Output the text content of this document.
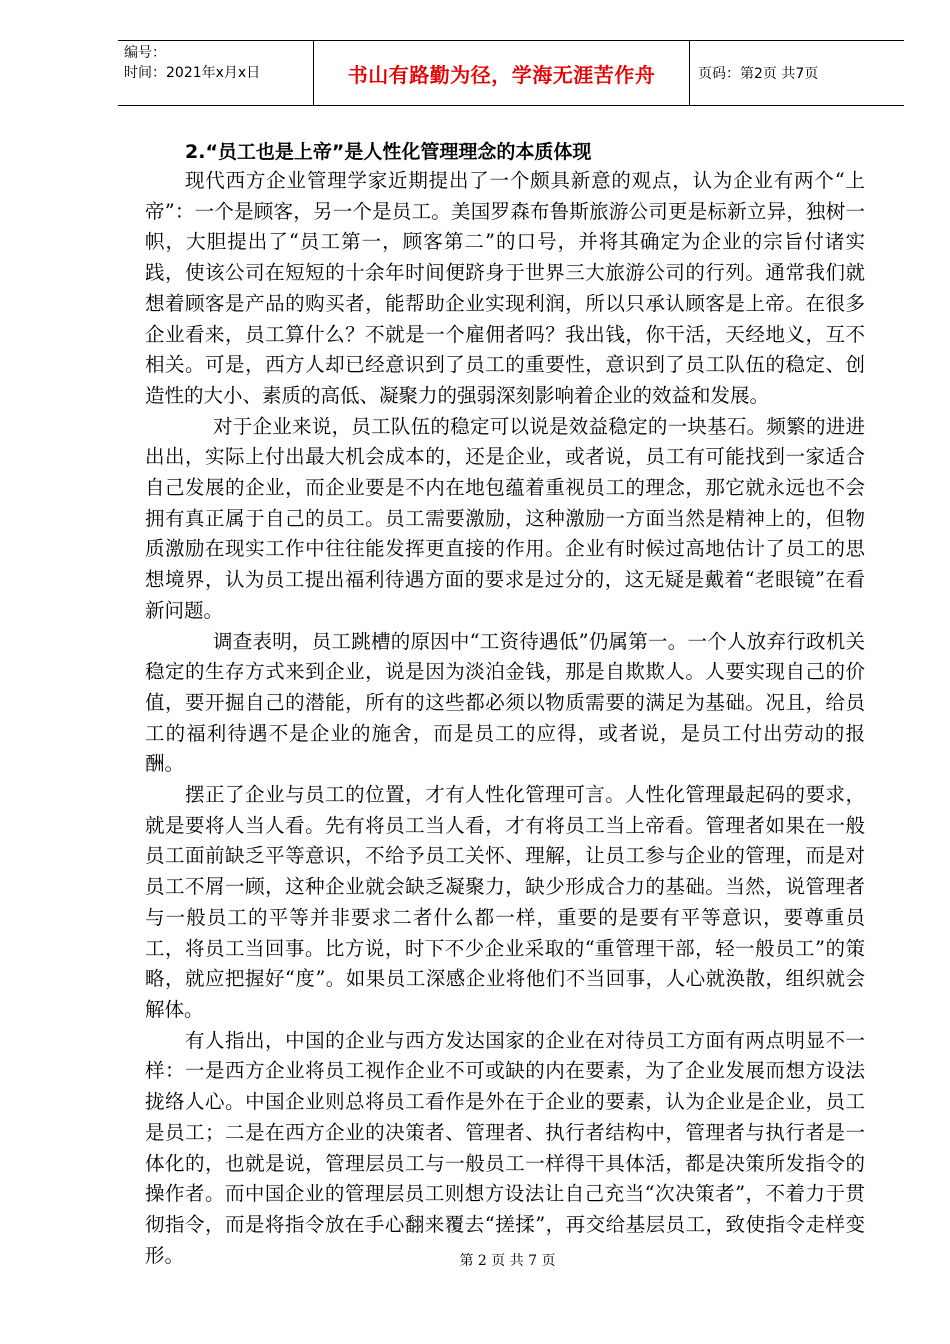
编号：
时间：2021年x月x日	书山有路勤为径，学海无涯苦作舟	页码：第2页 共7页
2.“员工也是上帝”是人性化管理理念的本质体现

现代西方企业管理学家近期提出了一个颇具新意的观点，认为企业有两个“上帝”：一个是顾客，另一个是员工。美国罗森布鲁斯旅游公司更是标新立异，独树一帜，大胆提出了“员工第一，顾客第二”的口号，并将其确定为企业的宗旨付诸实践，使该公司在短短的十余年时间便跻身于世界三大旅游公司的行列。通常我们就想着顾客是产品的购买者，能帮助企业实现利润，所以只承认顾客是上帝。在很多企业看来，员工算什么？不就是一个雇佣者吗？我出钱，你干活，天经地义，互不相关。可是，西方人却已经意识到了员工的重要性，意识到了员工队伍的稳定、创造性的大小、素质的高低、凝聚力的强弱深刻影响着企业的效益和发展。

对于企业来说，员工队伍的稳定可以说是效益稳定的一块基石。频繁的进进出出，实际上付出最大机会成本的，还是企业，或者说，员工有可能找到一家适合自己发展的企业，而企业要是不内在地包蕴着重视员工的理念，那它就永远也不会拥有真正属于自己的员工。员工需要激励，这种激励一方面当然是精神上的，但物质激励在现实工作中往往能发挥更直接的作用。企业有时候过高地估计了员工的思想境界，认为员工提出福利待遇方面的要求是过分的，这无疑是戴着“老眼镜”在看新问题。

调查表明，员工跳槽的原因中“工资待遇低”仍属第一。一个人放弃行政机关稳定的生存方式来到企业，说是因为淡泊金钱，那是自欺欺人。人要实现自己的价值，要开掘自己的潜能，所有的这些都必须以物质需要的满足为基础。况且，给员工的福利待遇不是企业的施舍，而是员工的应得，或者说，是员工付出劳动的报酬。

摆正了企业与员工的位置，才有人性化管理可言。人性化管理最起码的要求，就是要将人当人看。先有将员工当人看，才有将员工当上帝看。管理者如果在一般员工面前缺乏平等意识，不给予员工关怀、理解，让员工参与企业的管理，而是对员工不屑一顾，这种企业就会缺乏凝聚力，缺少形成合力的基础。当然，说管理者与一般员工的平等并非要求二者什么都一样，重要的是要有平等意识，要尊重员工，将员工当回事。比方说，时下不少企业采取的“重管理干部，轻一般员工”的策略，就应把握好“度”。如果员工深感企业将他们不当回事，人心就涣散，组织就会解体。

有人指出，中国的企业与西方发达国家的企业在对待员工方面有两点明显不一样：一是西方企业将员工视作企业不可或缺的内在要素，为了企业发展而想方设法拢络人心。中国企业则总将员工看作是外在于企业的要素，认为企业是企业，员工是员工；二是在西方企业的决策者、管理者、执行者结构中，管理者与执行者是一体化的，也就是说，管理层员工与一般员工一样得干具体活，都是决策所发指令的操作者。而中国企业的管理层员工则想方设法让自己充当“次决策者”，不着力于贯彻指令，而是将指令放在手心翻来覆去“搓揉”，再交给基层员工，致使指令走样变形。	第 2 页 共 7 页
